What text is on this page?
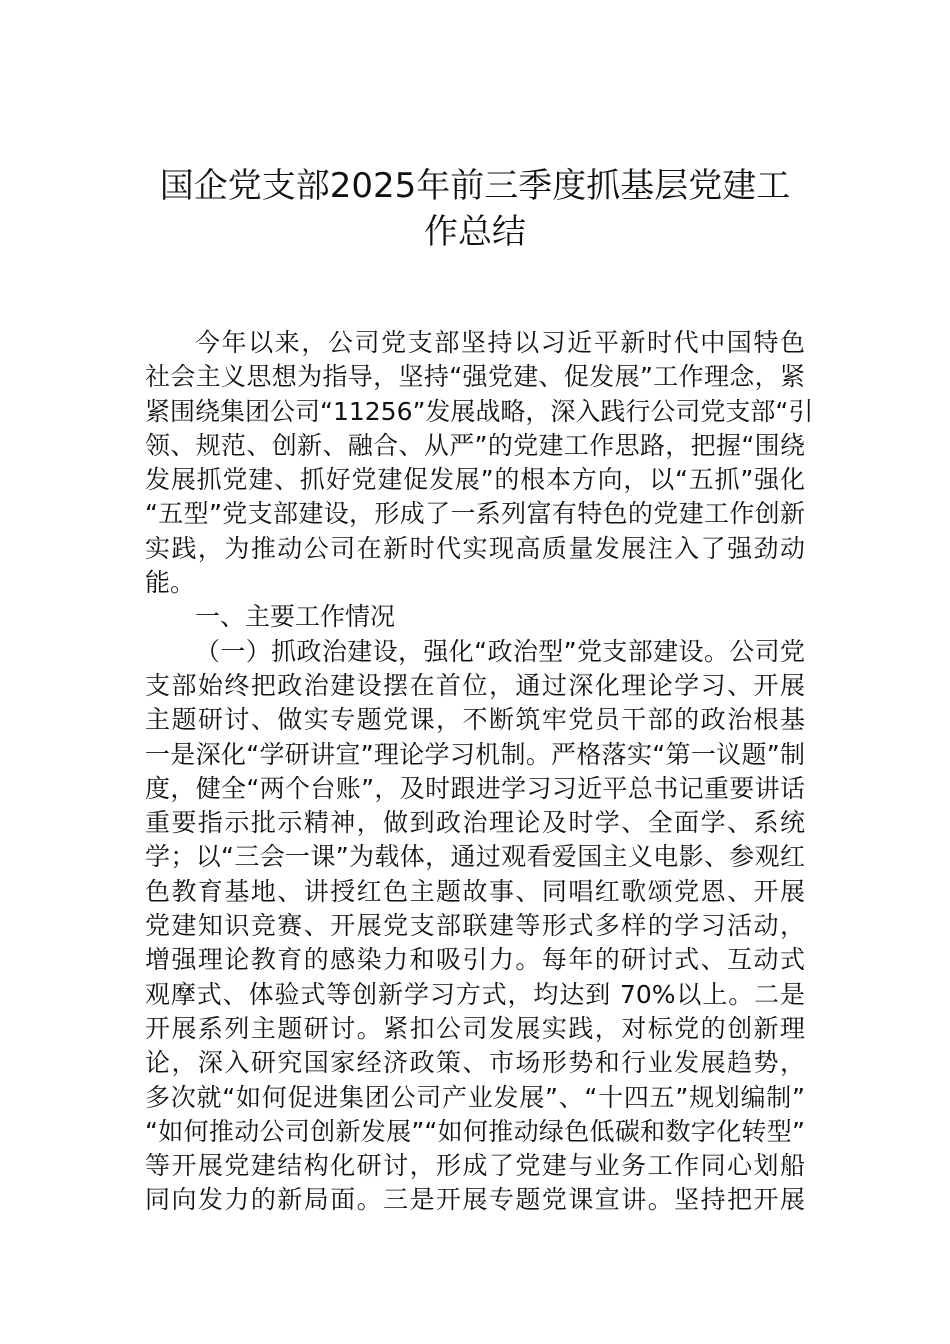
国企党支部2025年前三季度抓基层党建工
作总结
今年以来，公司党支部坚持以习近平新时代中国特色
社会主义思想为指导，坚持“强党建、促发展”工作理念，紧
紧围绕集团公司“11256”发展战略，深入践行公司党支部“引
领、规范、创新、融合、从严”的党建工作思路，把握“围绕
发展抓党建、抓好党建促发展”的根本方向，以“五抓”强化
“五型”党支部建设，形成了一系列富有特色的党建工作创新
实践，为推动公司在新时代实现高质量发展注入了强劲动
能。
一、主要工作情况
（一）抓政治建设，强化“政治型”党支部建设。公司党
支部始终把政治建设摆在首位，通过深化理论学习、开展
主题研讨、做实专题党课，不断筑牢党员干部的政治根基
一是深化“学研讲宣”理论学习机制。严格落实“第一议题”制
度，健全“两个台账”，及时跟进学习习近平总书记重要讲话
重要指示批示精神，做到政治理论及时学、全面学、系统
学；以“三会一课”为载体，通过观看爱国主义电影、参观红
色教育基地、讲授红色主题故事、同唱红歌颂党恩、开展
党建知识竞赛、开展党支部联建等形式多样的学习活动，
增强理论教育的感染力和吸引力。每年的研讨式、互动式
观摩式、体验式等创新学习方式，均达到 70%以上。二是
开展系列主题研讨。紧扣公司发展实践，对标党的创新理
论，深入研究国家经济政策、市场形势和行业发展趋势，
多次就“如何促进集团公司产业发展”、“十四五”规划编制”
“如何推动公司创新发展”“如何推动绿色低碳和数字化转型”
等开展党建结构化研讨，形成了党建与业务工作同心划船
同向发力的新局面。三是开展专题党课宣讲。坚持把开展
